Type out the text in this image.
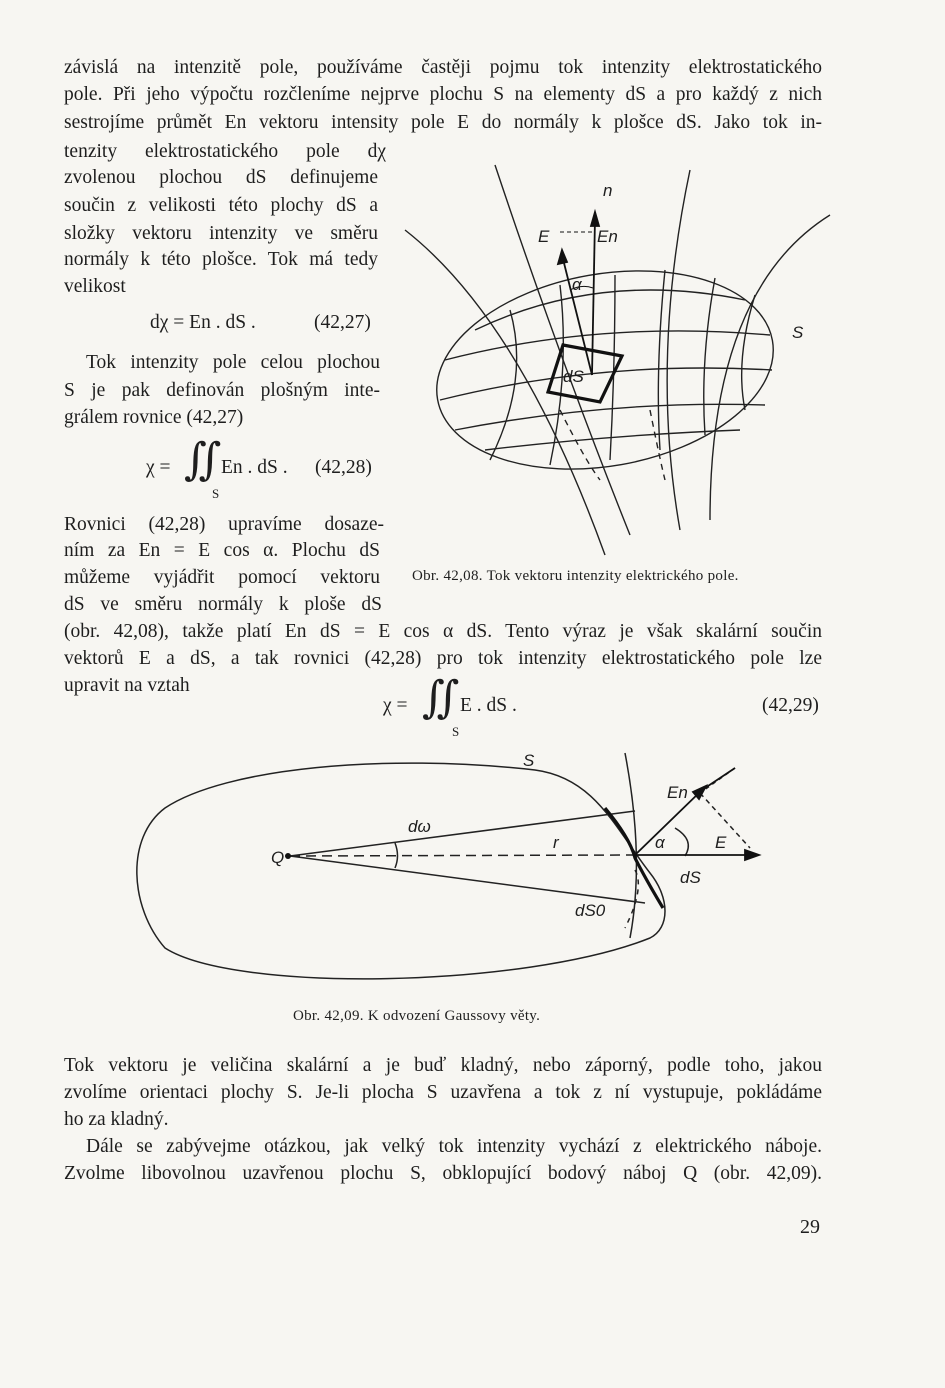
závislá na intenzitě pole, používáme častěji pojmu tok intenzity elektrostatického
pole. Při jeho výpočtu rozčleníme nejprve plochu S na elementy dS a pro každý z nich
sestrojíme průmět En vektoru intensity pole E do normály k plošce dS. Jako tok in-
tenzity elektrostatického pole dχ
zvolenou plochou dS definujeme
součin z velikosti této plochy dS a
složky vektoru intenzity ve směru
normály k této plošce. Tok má tedy
velikost
dχ = En . dS .	(42,27)
Tok intenzity pole celou plochou
S je pak definován plošným inte-
grálem rovnice (42,27)
χ = ∬ En . dS .
S
(42,28)
Rovnici (42,28) upravíme dosaze-
ním za En = E cos α. Plochu dS
můžeme vyjádřit pomocí vektoru
dS ve směru normály k ploše dS
(obr. 42,08), takže platí En dS = E cos α dS. Tento výraz je však skalární součin
vektorů E a dS, a tak rovnici (42,28) pro tok intenzity elektrostatického pole lze
upravit na vztah
χ = ∬ E . dS .
S
(42,29)
n
E	En
α
dS
S
Obr. 42,08. Tok vektoru intenzity elektrického pole.
S
Q
dω
r
En
E
α
dS
dS0
Obr. 42,09. K odvození Gaussovy věty.
Tok vektoru je veličina skalární a je buď kladný, nebo záporný, podle toho, jakou
zvolíme orientaci plochy S. Je-li plocha S uzavřena a tok z ní vystupuje, pokládáme
ho za kladný.
Dále se zabývejme otázkou, jak velký tok intenzity vychází z elektrického náboje.
Zvolme libovolnou uzavřenou plochu S, obklopující bodový náboj Q (obr. 42,09).
29
